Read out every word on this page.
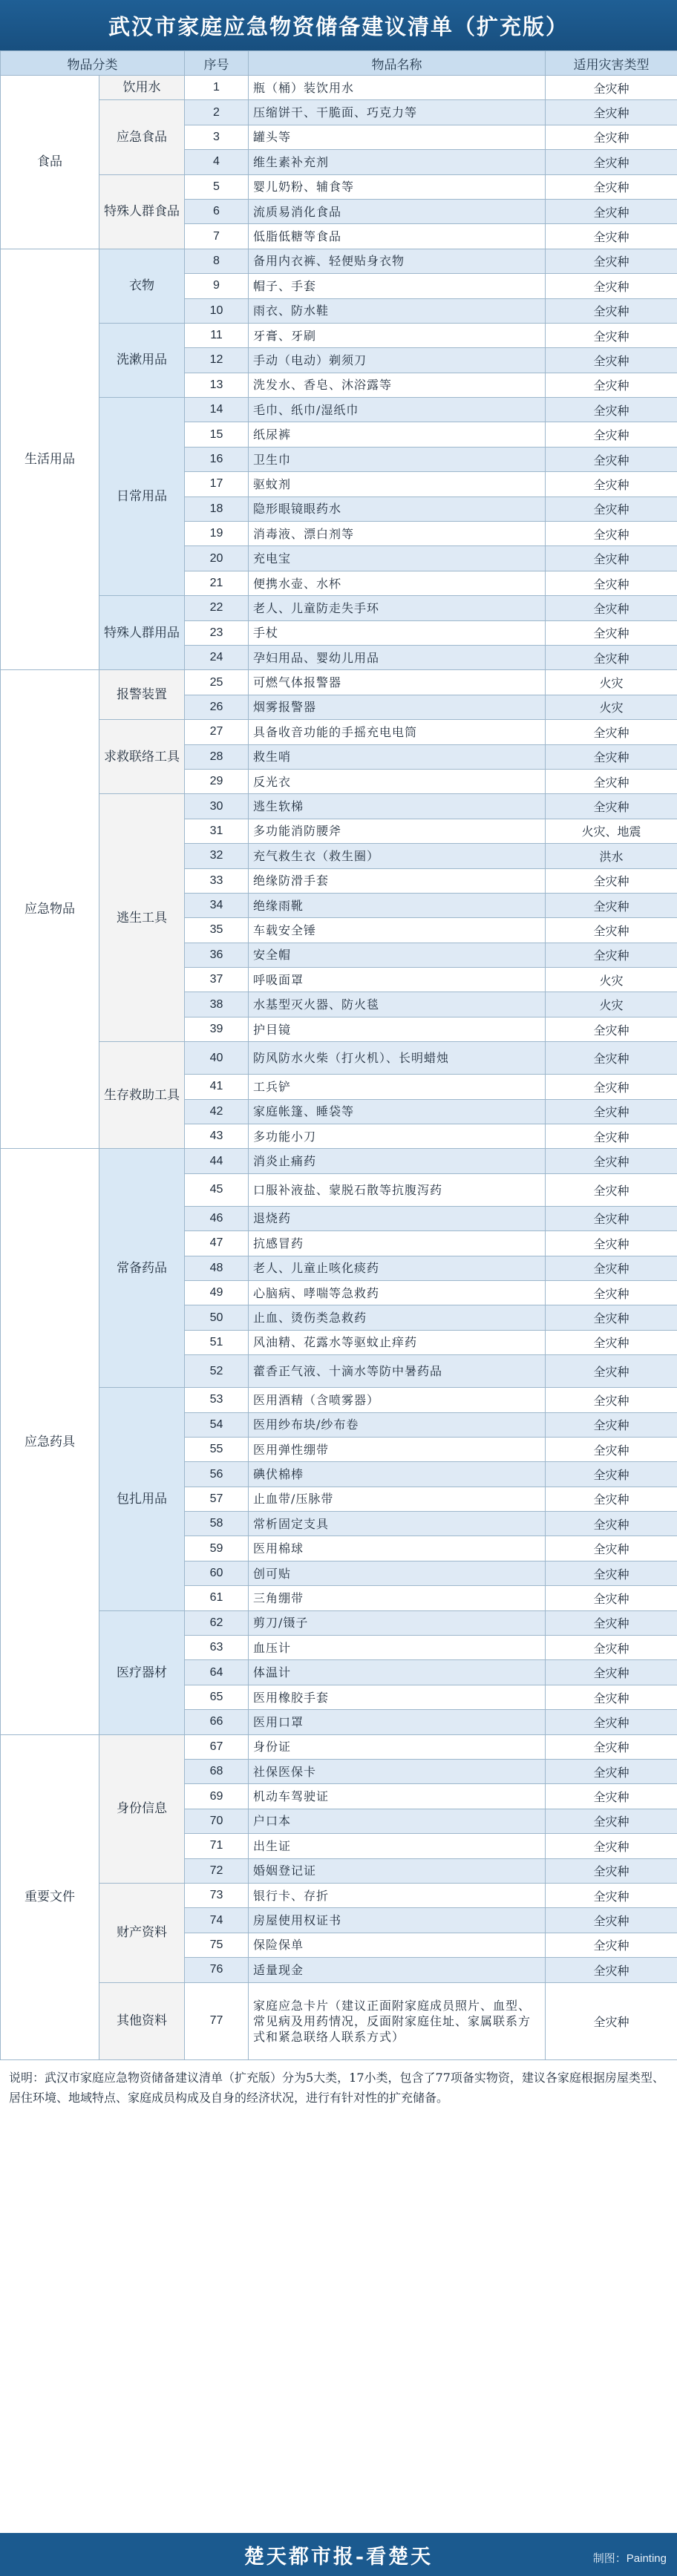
武汉市家庭应急物资储备建议清单（扩充版）
物品分类		序号	物品名称	适用灾害类型
食品	饮用水	1	瓶（桶）装饮用水	全灾种
	应急食品	2	压缩饼干、干脆面、巧克力等	全灾种
		3	罐头等	全灾种
		4	维生素补充剂	全灾种
	特殊人群食品	5	婴儿奶粉、辅食等	全灾种
		6	流质易消化食品	全灾种
		7	低脂低糖等食品	全灾种
生活用品	衣物	8	备用内衣裤、轻便贴身衣物	全灾种
		9	帽子、手套	全灾种
		10	雨衣、防水鞋	全灾种
	洗漱用品	11	牙膏、牙刷	全灾种
		12	手动（电动）剃须刀	全灾种
		13	洗发水、香皂、沐浴露等	全灾种
	日常用品	14	毛巾、纸巾/湿纸巾	全灾种
		15	纸尿裤	全灾种
		16	卫生巾	全灾种
		17	驱蚊剂	全灾种
		18	隐形眼镜眼药水	全灾种
		19	消毒液、漂白剂等	全灾种
		20	充电宝	全灾种
		21	便携水壶、水杯	全灾种
	特殊人群用品	22	老人、儿童防走失手环	全灾种
		23	手杖	全灾种
		24	孕妇用品、婴幼儿用品	全灾种
应急物品	报警装置	25	可燃气体报警器	火灾
		26	烟雾报警器	火灾
	求救联络工具	27	具备收音功能的手摇充电电筒	全灾种
		28	救生哨	全灾种
		29	反光衣	全灾种
	逃生工具	30	逃生软梯	全灾种
		31	多功能消防腰斧	火灾、地震
		32	充气救生衣（救生圈）	洪水
		33	绝缘防滑手套	全灾种
		34	绝缘雨靴	全灾种
		35	车载安全锤	全灾种
		36	安全帽	全灾种
		37	呼吸面罩	火灾
		38	水基型灭火器、防火毯	火灾
		39	护目镜	全灾种
	生存救助工具	40	防风防水火柴（打火机）、长明蜡烛	全灾种
		41	工兵铲	全灾种
		42	家庭帐篷、睡袋等	全灾种
		43	多功能小刀	全灾种
应急药具	常备药品	44	消炎止痛药	全灾种
		45	口服补液盐、蒙脱石散等抗腹泻药	全灾种
		46	退烧药	全灾种
		47	抗感冒药	全灾种
		48	老人、儿童止咳化痰药	全灾种
		49	心脑病、哮喘等急救药	全灾种
		50	止血、烫伤类急救药	全灾种
		51	风油精、花露水等驱蚊止痒药	全灾种
		52	藿香正气液、十滴水等防中暑药品	全灾种
	包扎用品	53	医用酒精（含喷雾器）	全灾种
		54	医用纱布块/纱布卷	全灾种
		55	医用弹性绷带	全灾种
		56	碘伏棉棒	全灾种
		57	止血带/压脉带	全灾种
		58	常析固定支具	全灾种
		59	医用棉球	全灾种
		60	创可贴	全灾种
		61	三角绷带	全灾种
	医疗器材	62	剪刀/镊子	全灾种
		63	血压计	全灾种
		64	体温计	全灾种
		65	医用橡胶手套	全灾种
		66	医用口罩	全灾种
重要文件	身份信息	67	身份证	全灾种
		68	社保医保卡	全灾种
		69	机动车驾驶证	全灾种
		70	户口本	全灾种
		71	出生证	全灾种
		72	婚姻登记证	全灾种
	财产资料	73	银行卡、存折	全灾种
		74	房屋使用权证书	全灾种
		75	保险保单	全灾种
		76	适量现金	全灾种
	其他资料	77	家庭应急卡片（建议正面附家庭成员照片、血型、常见病及用药情况，反面附家庭住址、家属联系方式和紧急联络人联系方式）	全灾种
说明：武汉市家庭应急物资储备建议清单（扩充版）分为5大类，17小类，包含了77项备实物资，建议各家庭根据房屋类型、居住环境、地域特点、家庭成员构成及自身的经济状况，进行有针对性的扩充储备。
楚天都市报-看楚天	制图：Painting
